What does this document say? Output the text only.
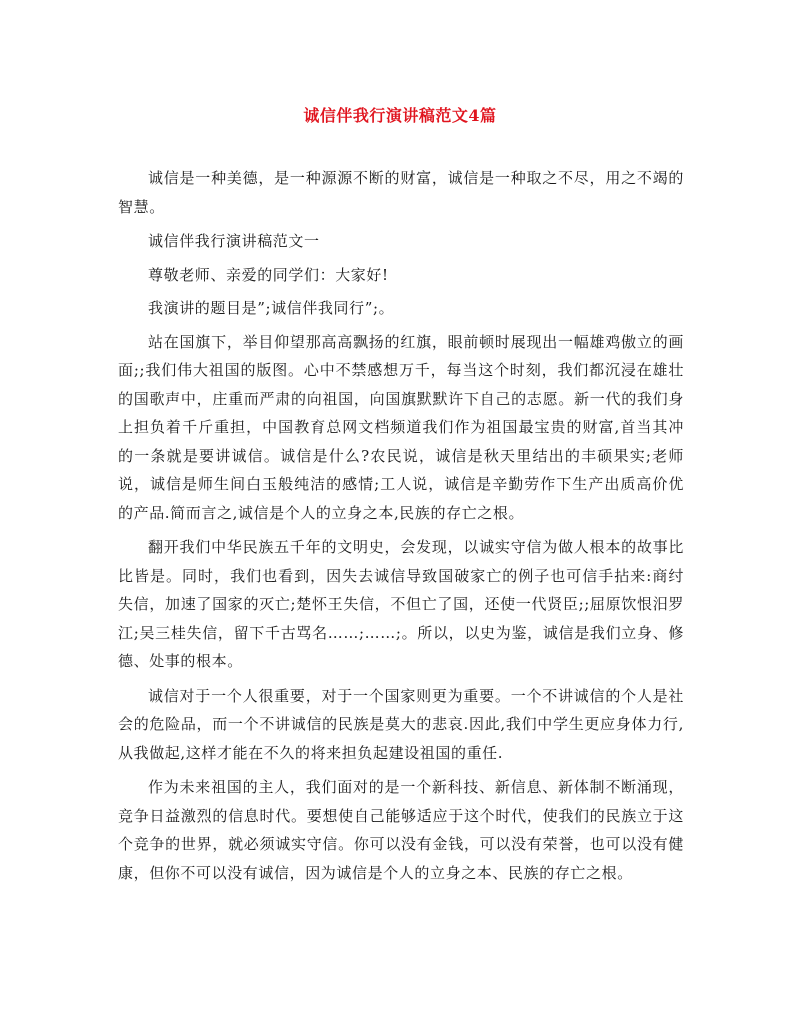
诚信伴我行演讲稿范文4篇

诚信是一种美德，是一种源源不断的财富，诚信是一种取之不尽，用之不竭的智慧。

诚信伴我行演讲稿范文一

尊敬老师、亲爱的同学们：大家好!

我演讲的题目是”;诚信伴我同行”;。

站在国旗下，举目仰望那高高飘扬的红旗，眼前顿时展现出一幅雄鸡傲立的画面;;我们伟大祖国的版图。心中不禁感想万千，每当这个时刻，我们都沉浸在雄壮的国歌声中，庄重而严肃的向祖国，向国旗默默许下自己的志愿。新一代的我们身上担负着千斤重担，中国教育总网文档频道我们作为祖国最宝贵的财富,首当其冲的一条就是要讲诚信。诚信是什么?农民说，诚信是秋天里结出的丰硕果实;老师说，诚信是师生间白玉般纯洁的感情;工人说，诚信是辛勤劳作下生产出质高价优的产品.简而言之,诚信是个人的立身之本,民族的存亡之根。

翻开我们中华民族五千年的文明史，会发现，以诚实守信为做人根本的故事比比皆是。同时，我们也看到，因失去诚信导致国破家亡的例子也可信手拈来:商纣失信，加速了国家的灭亡;楚怀王失信，不但亡了国，还使一代贤臣;;屈原饮恨汨罗江;吴三桂失信，留下千古骂名……;……;。所以，以史为鉴，诚信是我们立身、修德、处事的根本。

诚信对于一个人很重要，对于一个国家则更为重要。一个不讲诚信的个人是社会的危险品，而一个不讲诚信的民族是莫大的悲哀.因此,我们中学生更应身体力行,从我做起,这样才能在不久的将来担负起建设祖国的重任.

作为未来祖国的主人，我们面对的是一个新科技、新信息、新体制不断涌现，竞争日益激烈的信息时代。要想使自己能够适应于这个时代，使我们的民族立于这个竞争的世界，就必须诚实守信。你可以没有金钱，可以没有荣誉，也可以没有健康，但你不可以没有诚信，因为诚信是个人的立身之本、民族的存亡之根。
